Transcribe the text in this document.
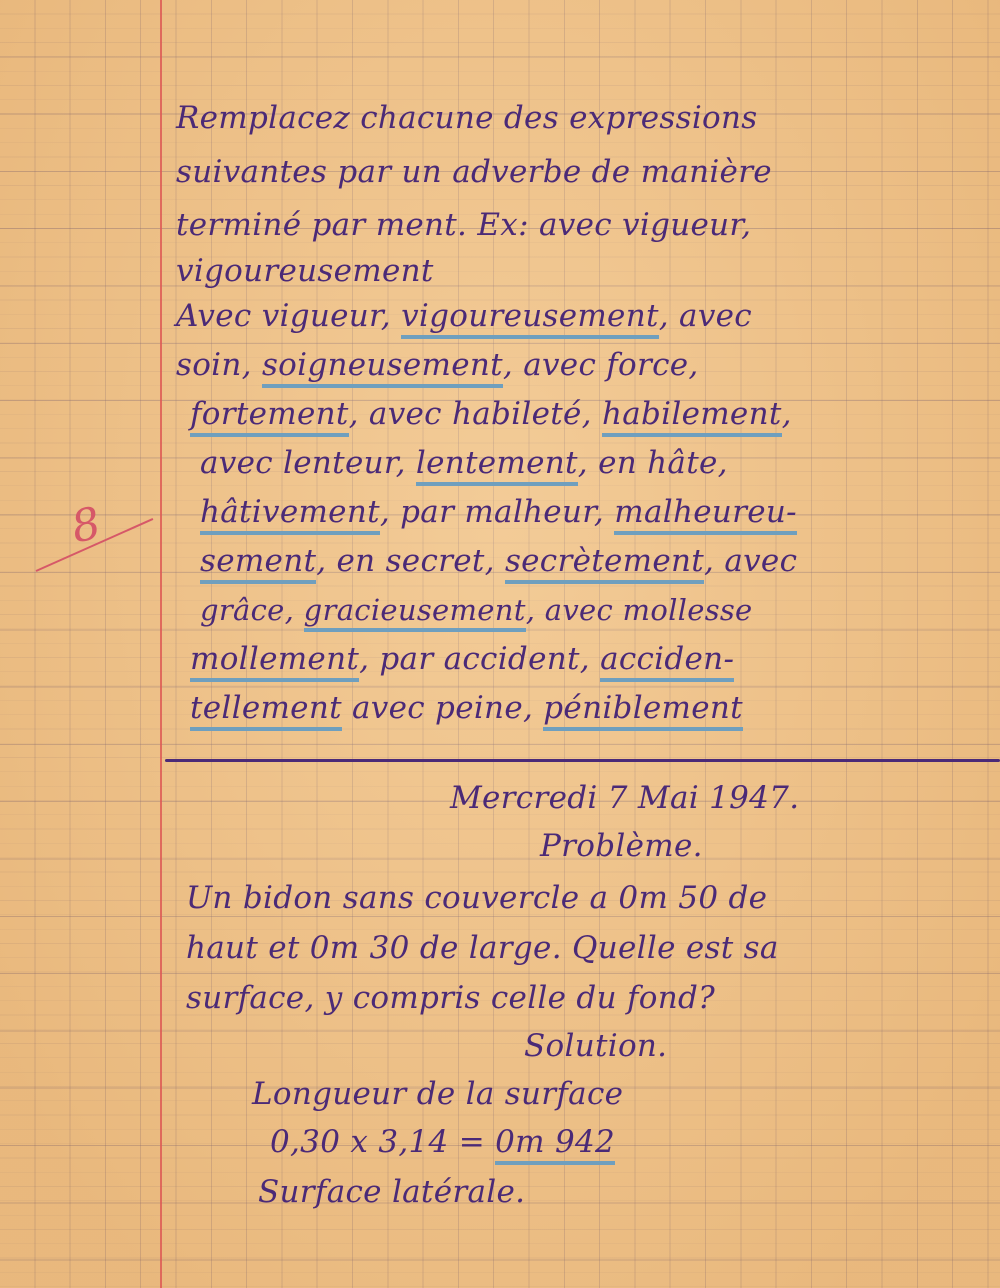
Remplacez chacune des expressions

suivantes par un adverbe de manière

terminé par ment. Ex: avec vigueur,

vigoureusement

Avec vigueur, vigoureusement, avec

soin, soigneusement, avec force,

fortement, avec habileté, habilement,

avec lenteur, lentement, en hâte,

hâtivement, par malheur, malheureu-

sement, en secret, secrètement, avec

grâce, gracieusement, avec mollesse

mollement, par accident, acciden-

tellement avec peine, péniblement

8

Mercredi 7 Mai 1947.

Problème.

Un bidon sans couvercle a 0m 50 de

haut et 0m 30 de large. Quelle est sa

surface, y compris celle du fond?

Solution.

Longueur de la surface

0,30 x 3,14 = 0m 942

Surface latérale.
